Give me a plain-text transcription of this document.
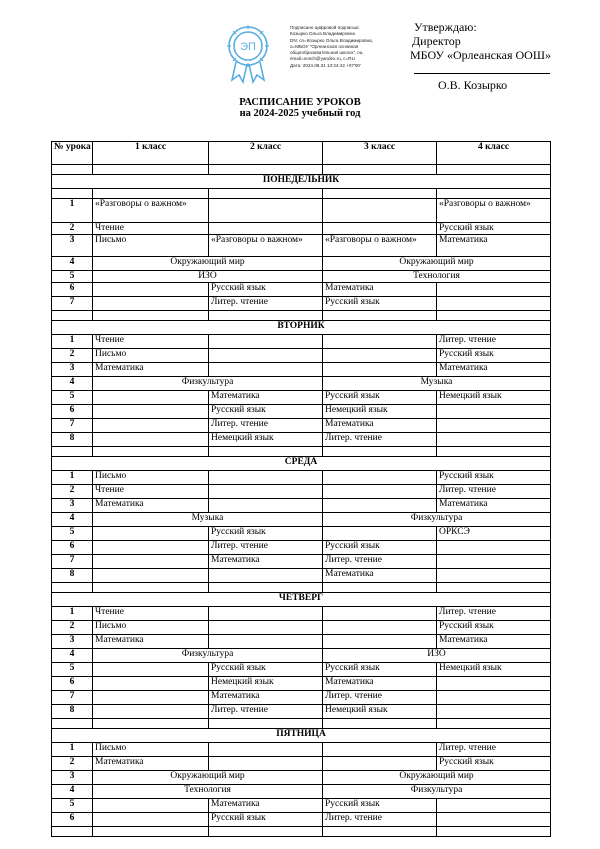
ЭП
Подписано цифровой подписью:
Козырко Ольга Владимировна
DN: cn=Козырко Ольга Владимировна,
o=МБОУ "Орлеанская основная
общеобразовательная школа", ou,
email=oosch@yandex.ru, c=RU
Дата: 2024.08.31 13:24:42 +07'00'
Утверждаю:
Директор
МБОУ «Орлеанская ООШ»
О.В. Козырко
РАСПИСАНИЕ УРОКОВ
на 2024-2025 учебный год
№ урока	1 класс	2 класс	3 класс	4 класс

ПОНЕДЕЛЬНИК				

1	«Разговоры о важном»			«Разговоры о важном»
2	Чтение			Русский язык
3	Письмо	«Разговоры о важном»	«Разговоры о важном»	Математика
4	Окружающий мир		Окружающий мир	
5	ИЗО		Технология	
6		Русский язык	Математика	
7		Литер. чтение	Русский язык	

ВТОРНИК				
1	Чтение			Литер. чтение
2	Письмо			Русский язык
3	Математика			Математика
4	Физкультура		Музыка	
5		Математика	Русский язык	Немецкий язык
6		Русский язык	Немецкий язык	
7		Литер. чтение	Математика	
8		Немецкий язык	Литер. чтение	

СРЕДА				
1	Письмо			Русский язык
2	Чтение			Литер. чтение
3	Математика			Математика
4	Музыка		Физкультура	
5		Русский язык		ОРКСЭ
6		Литер. чтение	Русский язык	
7		Математика	Литер. чтение	
8			Математика	

ЧЕТВЕРГ				
1	Чтение			Литер. чтение
2	Письмо			Русский язык
3	Математика			Математика
4	Физкультура		ИЗО	
5		Русский язык	Русский язык	Немецкий язык
6		Немецкий язык	Математика	
7		Математика	Литер. чтение	
8		Литер. чтение	Немецкий язык	

ПЯТНИЦА				
1	Письмо			Литер. чтение
2	Математика			Русский язык
3	Окружающий мир		Окружающий мир	
4	Технология		Физкультура	
5		Математика	Русский язык	
6		Русский язык	Литер. чтение	
